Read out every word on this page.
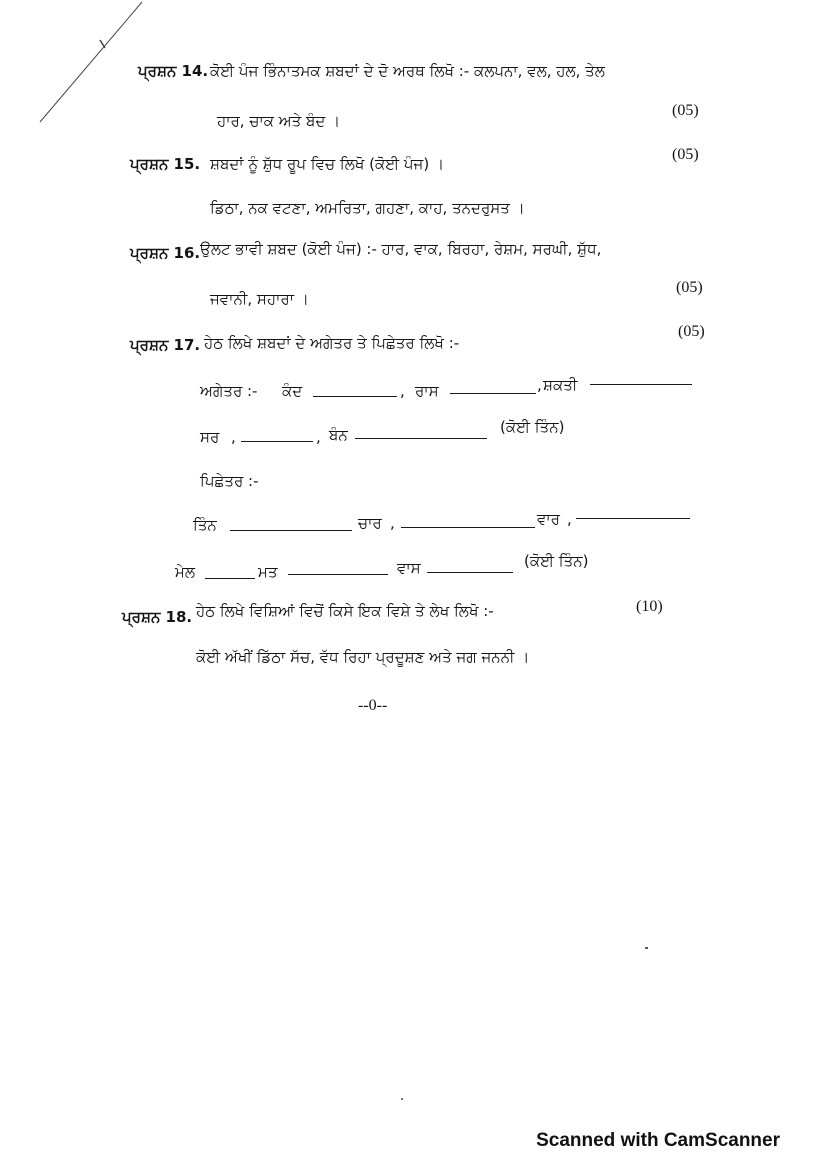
ਪ੍ਰਸ਼ਨ 14. ਕੋਈ ਪੰਜ ਭਿੰਨਾਤਮਕ ਸ਼ਬਦਾਂ ਦੇ ਦੋ ਅਰਥ ਲਿਖੋ :- ਕਲਪਨਾ, ਵਲ, ਹਲ, ਤੇਲ
ਹਾਰ, ਚਾਕ ਅਤੇ ਬੰਦ ।
(05)
ਪ੍ਰਸ਼ਨ 15. ਸ਼ਬਦਾਂ ਨੂੰ ਸ਼ੁੱਧ ਰੂਪ ਵਿਚ ਲਿਖੋ (ਕੋਈ ਪੰਜ) ।
(05)
ਡਿਠਾ, ਨਕ ਵਟਣਾ, ਅਮਰਿਤਾ, ਗਹਣਾ, ਕਾਹ, ਤਨਦਰੁਸਤ ।
ਪ੍ਰਸ਼ਨ 16. ਉਲਟ ਭਾਵੀ ਸ਼ਬਦ (ਕੋਈ ਪੰਜ) :- ਹਾਰ, ਵਾਕ, ਬਿਰਹਾ, ਰੇਸ਼ਮ, ਸਰਘੀ, ਸ਼ੁੱਧ,
ਜਵਾਨੀ, ਸਹਾਰਾ ।
(05)
(05)
ਪ੍ਰਸ਼ਨ 17. ਹੇਠ ਲਿਖੇ ਸ਼ਬਦਾਂ ਦੇ ਅਗੇਤਰ ਤੇ ਪਿਛੇਤਰ ਲਿਖੋ :-
ਅਗੇਤਰ :- ਕੰਦ	, ਰਾਸ	, ਸ਼ਕਤੀ
ਸਰ ,	, ਬੰਨ	(ਕੋਈ ਤਿੰਨ)
ਪਿਛੇਤਰ :-
ਤਿੰਨ	ਚਾਰ ,	ਵਾਰ ,
ਮੇਲ	ਮਤ	ਵਾਸ	(ਕੋਈ ਤਿੰਨ)
ਪ੍ਰਸ਼ਨ 18. ਹੇਠ ਲਿਖੇ ਵਿਸ਼ਿਆਂ ਵਿਚੋਂ ਕਿਸੇ ਇਕ ਵਿਸ਼ੇ ਤੇ ਲੇਖ ਲਿਖੋ :-	(10)
ਕੋਈ ਅੱਖੀਂ ਡਿੱਠਾ ਸੱਚ, ਵੱਧ ਰਿਹਾ ਪ੍ਰਦੂਸ਼ਣ ਅਤੇ ਜਗ ਜਨਨੀ ।
--0--
Scanned with CamScanner
